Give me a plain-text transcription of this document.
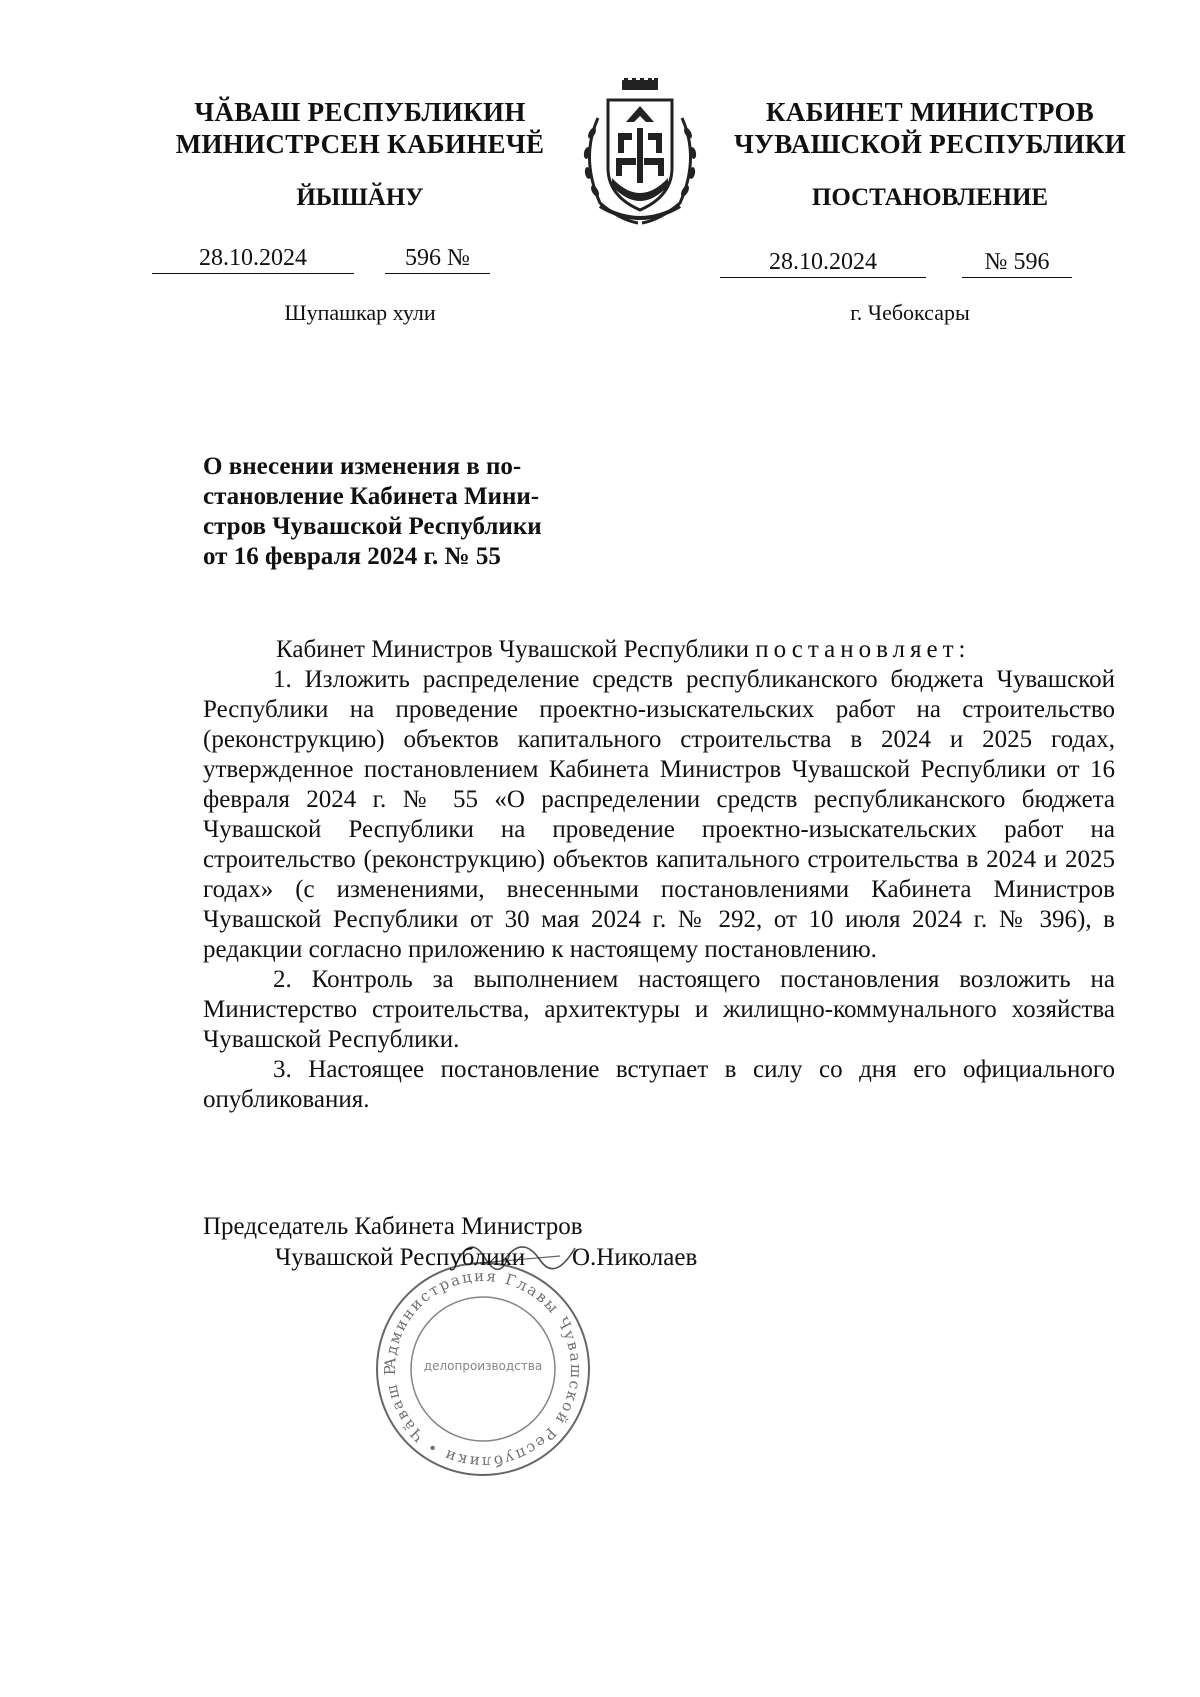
ЧӐВАШ РЕСПУБЛИКИН
МИНИСТРСЕН КАБИНЕЧӖ
ЙЫШӐНУ
КАБИНЕТ МИНИСТРОВ
ЧУВАШСКОЙ РЕСПУБЛИКИ
ПОСТАНОВЛЕНИЕ
28.10.2024	596 №	28.10.2024	№ 596
Шупашкар хули	г. Чебоксары
О внесении изменения в по-
становление Кабинета Мини-
стров Чувашской Республики
от 16 февраля 2024 г. № 55

Кабинет Министров Чувашской Республики постановляет:

1. Изложить распределение средств республиканского бюджета Чувашской Республики на проведение проектно-изыскательских работ на строительство (реконструкцию) объектов капитального строительства в 2024 и 2025 годах, утвержденное постановлением Кабинета Министров Чувашской Республики от 16 февраля 2024 г. № 55 «О распределении средств республиканского бюджета Чувашской Республики на проведение проектно-изыскательских работ на строительство (реконструкцию) объектов капитального строительства в 2024 и 2025 годах» (с изменениями, внесенными постановлениями Кабинета Министров Чувашской Республики от 30 мая 2024 г. № 292, от 10 июля 2024 г. № 396), в редакции согласно приложению к настоящему постановлению.

2. Контроль за выполнением настоящего постановления возложить на Министерство строительства, архитектуры и жилищно-коммунального хозяйства Чувашской Республики.

3. Настоящее постановление вступает в силу со дня его официального опубликования.

Администрация Главы Чувашской Республики • Чӑваш Р	делопроизводства
Председатель Кабинета Министров
Чувашской Республики О.Николаев
